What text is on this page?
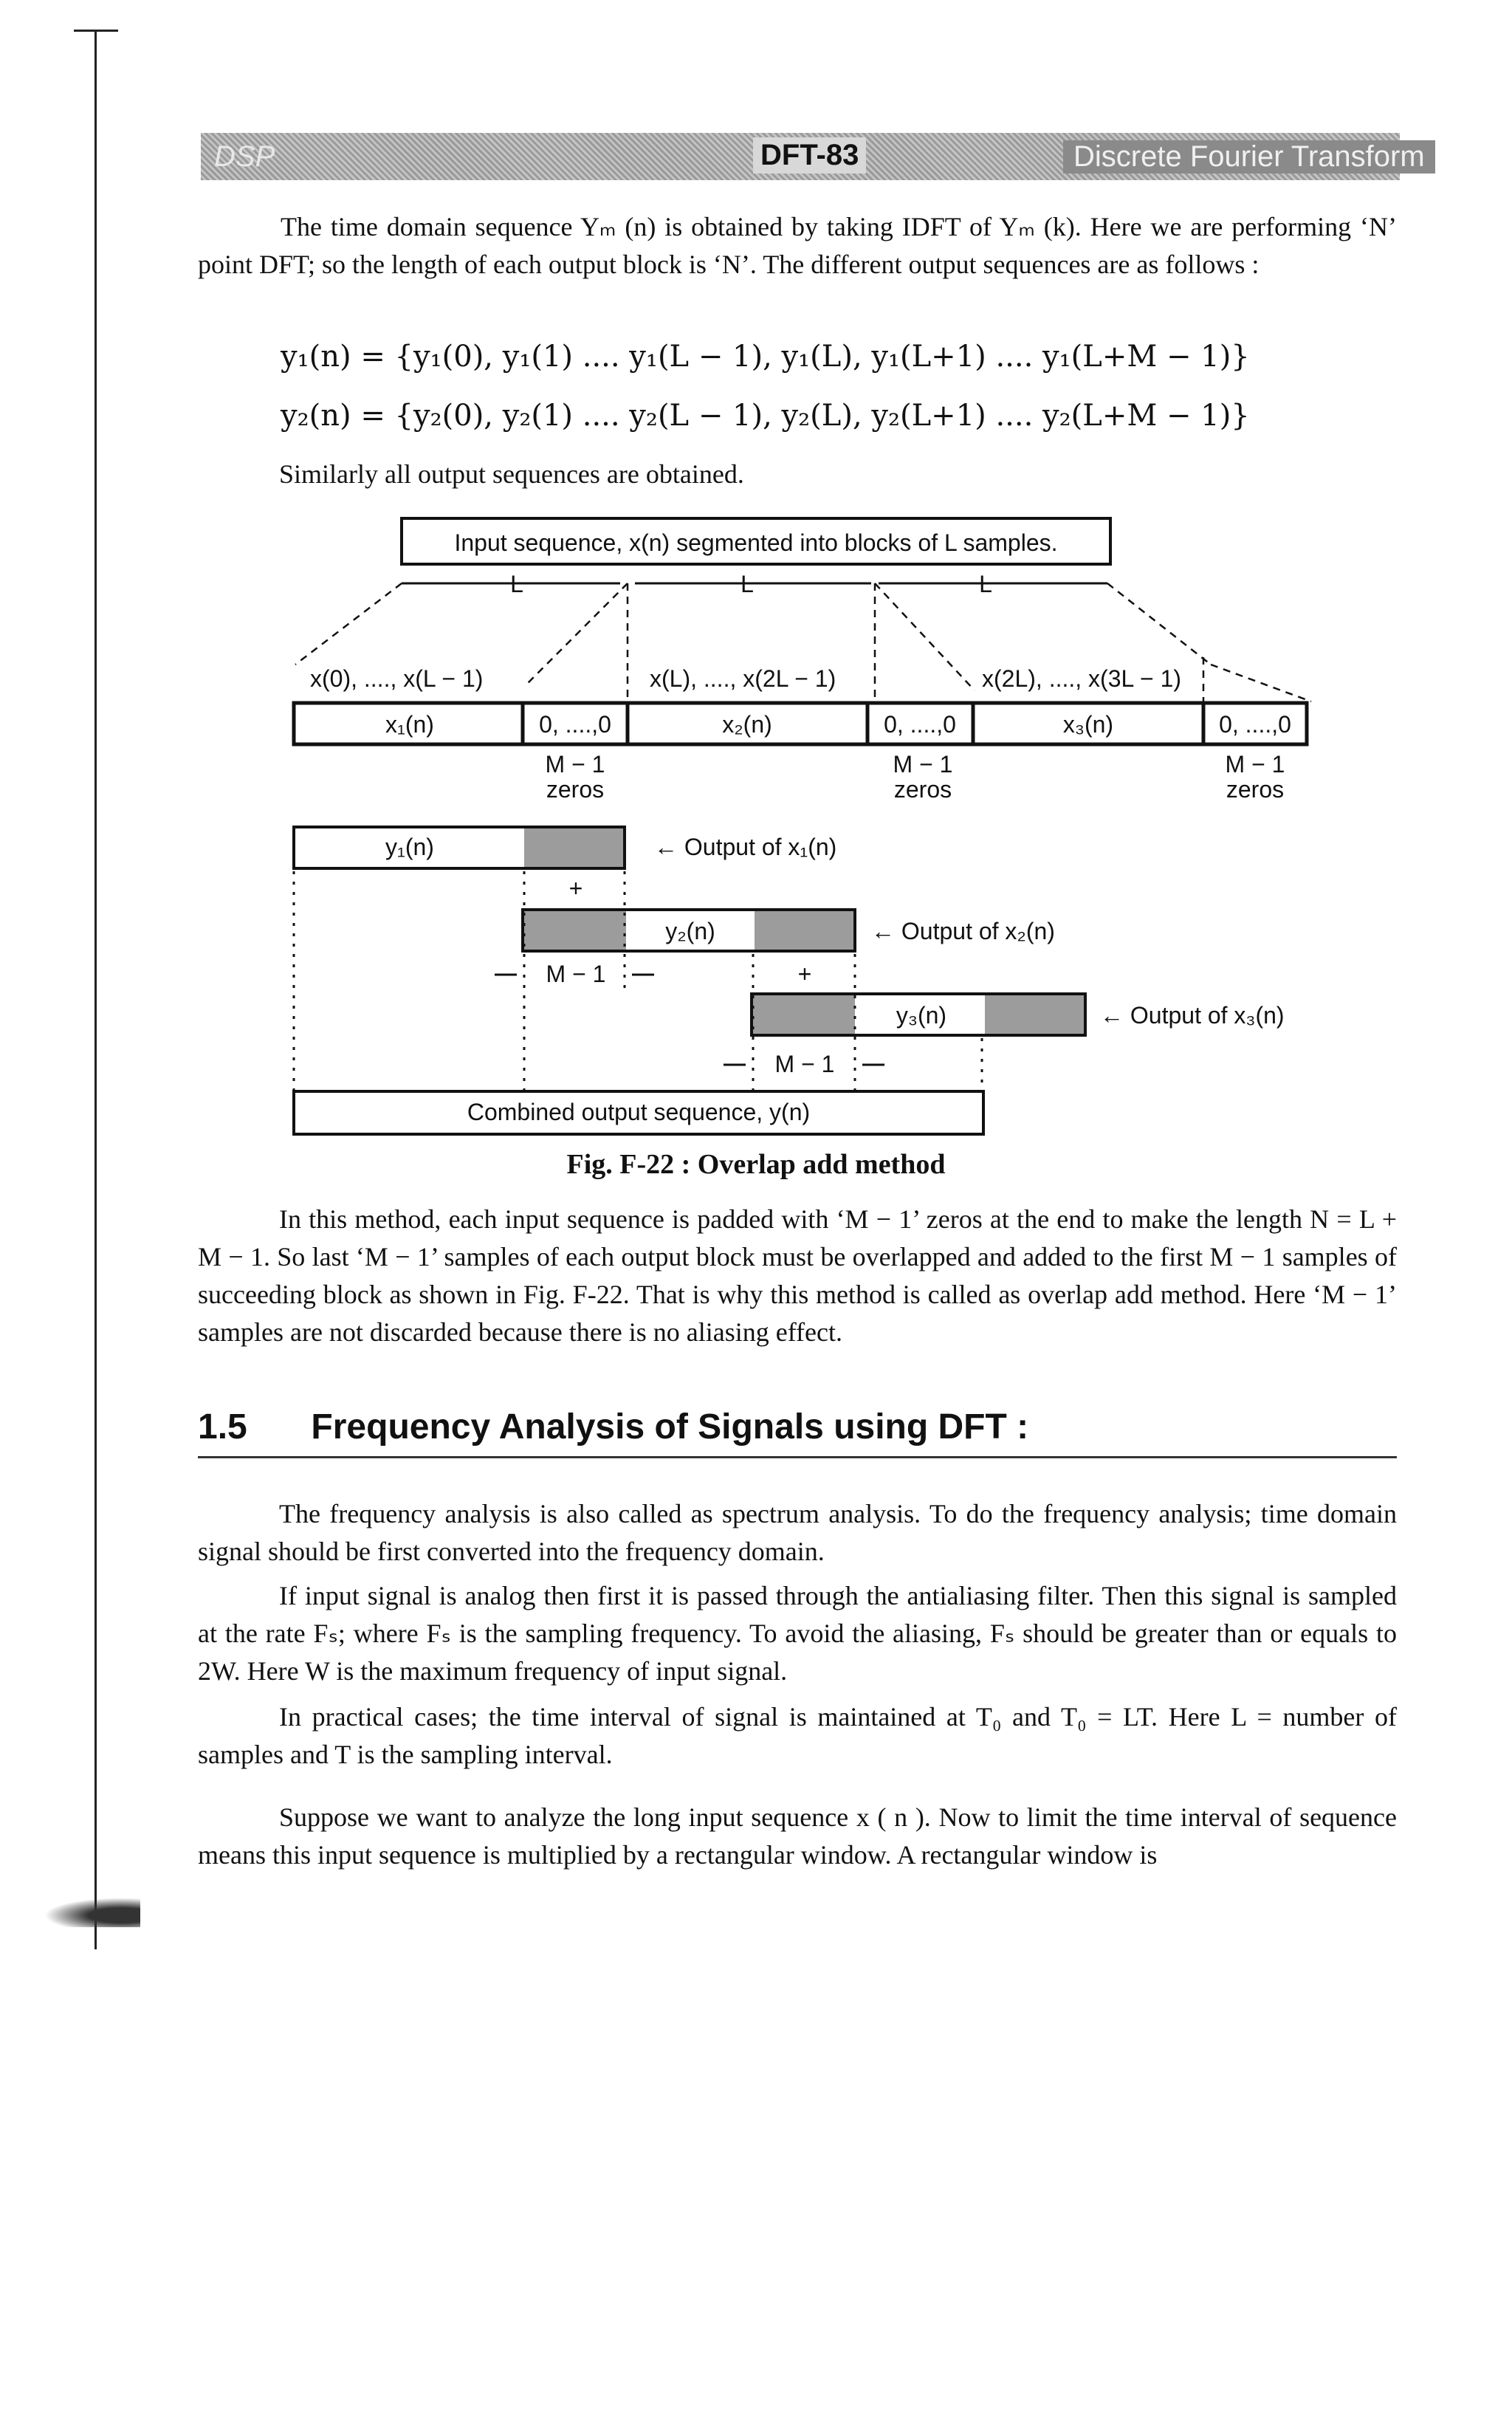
DSP	DFT-83	Discrete Fourier Transform
The time domain sequence Yₘ (n) is obtained by taking IDFT of Yₘ (k). Here we are performing ‘N’ point DFT; so the length of each output block is ‘N’. The different output sequences are as follows :
y₁(n) = {y₁(0), y₁(1) .... y₁(L − 1), y₁(L), y₁(L+1) .... y₁(L+M − 1)}
y₂(n) = {y₂(0), y₂(1) .... y₂(L − 1), y₂(L), y₂(L+1) .... y₂(L+M − 1)}
Similarly all output sequences are obtained.
Input sequence, x(n) segmented into blocks of L samples.
L	L	L
x(0), ...., x(L − 1)	x(L), ...., x(2L − 1)	x(2L), ...., x(3L − 1)
x₁(n)	0, ....,0	x₂(n)	0, ....,0	x₃(n)	0, ....,0
M − 1
zeros
M − 1
zeros
M − 1
zeros
y₁(n)	← Output of x₁(n)
y₂(n)	← Output of x₂(n)
y₃(n)	← Output of x₃(n)
+
+
M − 1
M − 1
Combined output sequence, y(n)
Fig. F-22 : Overlap add method
In this method, each input sequence is padded with ‘M − 1’ zeros at the end to make the length N = L + M − 1. So last ‘M − 1’ samples of each output block must be overlapped and added to the first M − 1 samples of succeeding block as shown in Fig. F-22. That is why this method is called as overlap add method. Here ‘M − 1’ samples are not discarded because there is no aliasing effect.
1.5 Frequency Analysis of Signals using DFT :
The frequency analysis is also called as spectrum analysis. To do the frequency analysis; time domain signal should be first converted into the frequency domain.
If input signal is analog then first it is passed through the antialiasing filter. Then this signal is sampled at the rate Fₛ; where Fₛ is the sampling frequency. To avoid the aliasing, Fₛ should be greater than or equals to 2W. Here W is the maximum frequency of input signal.
In practical cases; the time interval of signal is maintained at T₀ and T₀ = LT. Here L = number of samples and T is the sampling interval.
Suppose we want to analyze the long input sequence x ( n ). Now to limit the time interval of sequence means this input sequence is multiplied by a rectangular window. A rectangular window is
